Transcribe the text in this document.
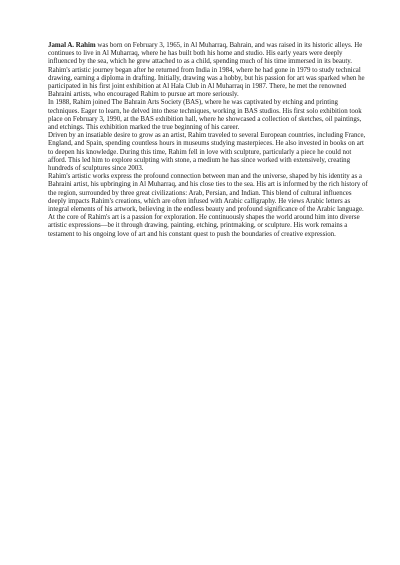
Jamal A. Rahim was born on February 3, 1965, in Al Muharraq, Bahrain, and was raised in its historic alleys. He continues to live in Al Muharraq, where he has built both his home and studio. His early years were deeply influenced by the sea, which he grew attached to as a child, spending much of his time immersed in its beauty.

Rahim's artistic journey began after he returned from India in 1984, where he had gone in 1979 to study technical drawing, earning a diploma in drafting. Initially, drawing was a hobby, but his passion for art was sparked when he participated in his first joint exhibition at Al Hala Club in Al Muharraq in 1987. There, he met the renowned Bahraini artists, who encouraged Rahim to pursue art more seriously.

In 1988, Rahim joined The Bahrain Arts Society (BAS), where he was captivated by etching and printing techniques. Eager to learn, he delved into these techniques, working in BAS studios. His first solo exhibition took place on February 3, 1990, at the BAS exhibition hall, where he showcased a collection of sketches, oil paintings, and etchings. This exhibition marked the true beginning of his career.

Driven by an insatiable desire to grow as an artist, Rahim traveled to several European countries, including France, England, and Spain, spending countless hours in museums studying masterpieces. He also invested in books on art to deepen his knowledge. During this time, Rahim fell in love with sculpture, particularly a piece he could not afford. This led him to explore sculpting with stone, a medium he has since worked with extensively, creating hundreds of sculptures since 2003.

Rahim's artistic works express the profound connection between man and the universe, shaped by his identity as a Bahraini artist, his upbringing in Al Muharraq, and his close ties to the sea. His art is informed by the rich history of the region, surrounded by three great civilizations: Arab, Persian, and Indian. This blend of cultural influences deeply impacts Rahim's creations, which are often infused with Arabic calligraphy. He views Arabic letters as integral elements of his artwork, believing in the endless beauty and profound significance of the Arabic language.

At the core of Rahim's art is a passion for exploration. He continuously shapes the world around him into diverse artistic expressions—be it through drawing, painting, etching, printmaking, or sculpture. His work remains a testament to his ongoing love of art and his constant quest to push the boundaries of creative expression.
